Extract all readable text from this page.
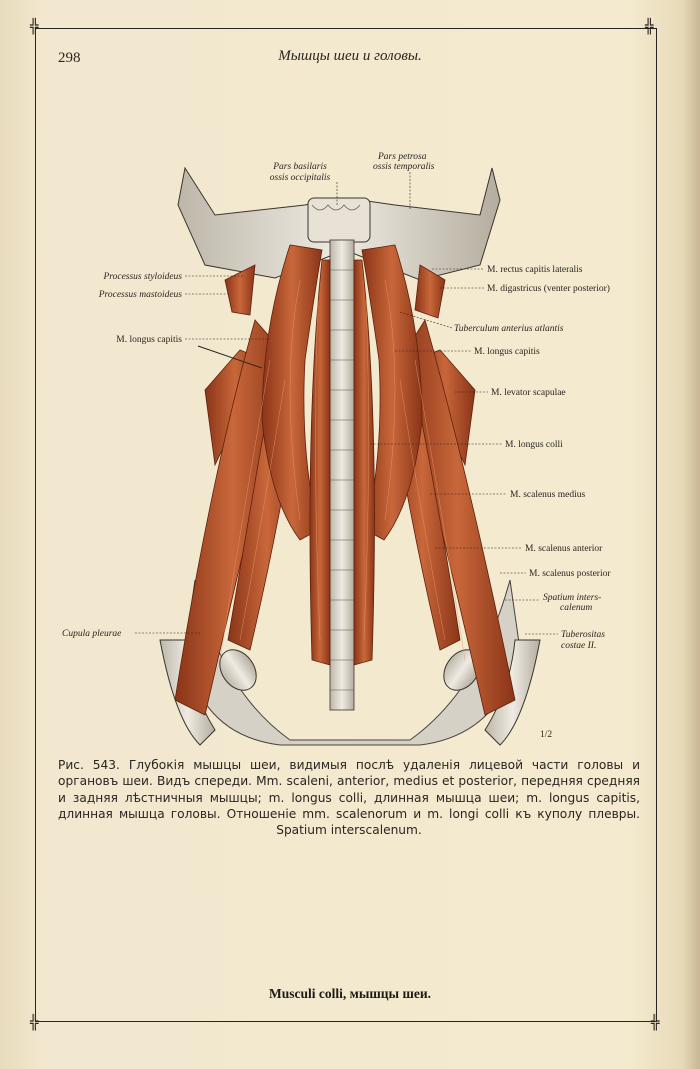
╬	╬
╬	╬
298	Мышцы шеи и головы.
Pars basilaris
ossis occipitalis
Pars petrosa
ossis temporalis
Processus styloideus
Processus mastoideus
M. longus capitis
M. rectus capitis lateralis
M. digastricus (venter posterior)
Tuberculum anterius atlantis
M. longus capitis
M. levator scapulae
M. longus colli
M. scalenus medius
M. scalenus anterior
M. scalenus posterior
Spatium inters-
calenum
Tuberositas
costae II.
Cupula pleurae
1/2
Рис. 543. Глубокія мышцы шеи, видимыя послѣ удаленія лицевой части головы и органовъ шеи. Видъ спереди. Mm. scaleni, anterior, medius et posterior, передняя средняя и задняя лѣстничныя мышцы; m. longus colli, длинная мышца шеи; m. longus capitis, длинная мышца головы. Отношеніе mm. scalenorum и m. longi colli къ куполу плевры. Spatium interscalenum.
Musculi colli, мышцы шеи.
